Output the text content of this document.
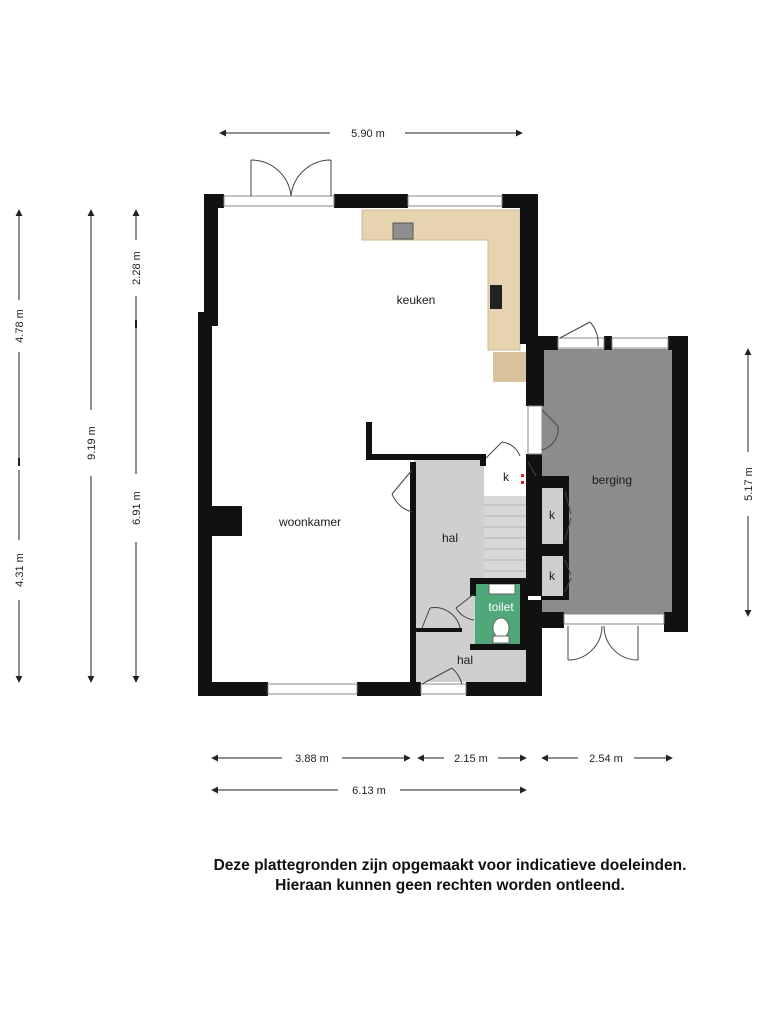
keuken
woonkamer
hal
hal
toilet
berging
k
k
k
5.90 m
3.88 m	2.15 m	2.54 m
6.13 m
4.78 m
4.31 m
9.19 m
2.28 m
6.91 m
5.17 m
Deze plattegronden zijn opgemaakt voor indicatieve doeleinden.
Hieraan kunnen geen rechten worden ontleend.
